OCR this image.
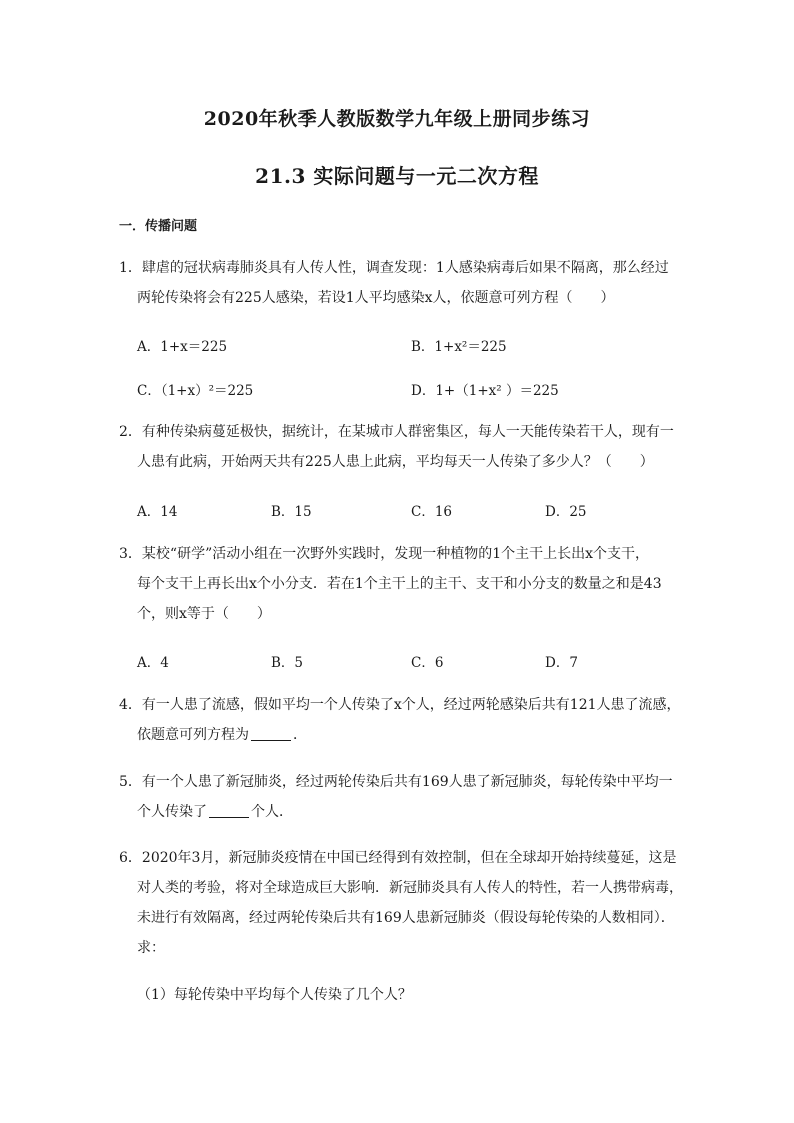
2020年秋季人教版数学九年级上册同步练习
21.3 实际问题与一元二次方程
一．传播问题
1．肆虐的冠状病毒肺炎具有人传人性，调查发现：1人感染病毒后如果不隔离，那么经过
两轮传染将会有225人感染，若设1人平均感染x人，依题意可列方程（　　）
A．1+x＝225	B．1+x²＝225
C．（1+x）²＝225	D．1+（1+x² ）＝225
2．有种传染病蔓延极快，据统计，在某城市人群密集区，每人一天能传染若干人，现有一
人患有此病，开始两天共有225人患上此病，平均每天一人传染了多少人？（　　）
A．14	B．15	C．16	D．25
3．某校“研学”活动小组在一次野外实践时，发现一种植物的1个主干上长出x个支干，
每个支干上再长出x个小分支．若在1个主干上的主干、支干和小分支的数量之和是43
个，则x等于（　　）
A．4	B．5	C．6	D．7
4．有一人患了流感，假如平均一个人传染了x个人，经过两轮感染后共有121人患了流感，
依题意可列方程为	．
5．有一个人患了新冠肺炎，经过两轮传染后共有169人患了新冠肺炎，每轮传染中平均一
个人传染了	个人．
6．2020年3月，新冠肺炎疫情在中国已经得到有效控制，但在全球却开始持续蔓延，这是
对人类的考验，将对全球造成巨大影响．新冠肺炎具有人传人的特性，若一人携带病毒，
未进行有效隔离，经过两轮传染后共有169人患新冠肺炎（假设每轮传染的人数相同）．
求：
（1）每轮传染中平均每个人传染了几个人？
